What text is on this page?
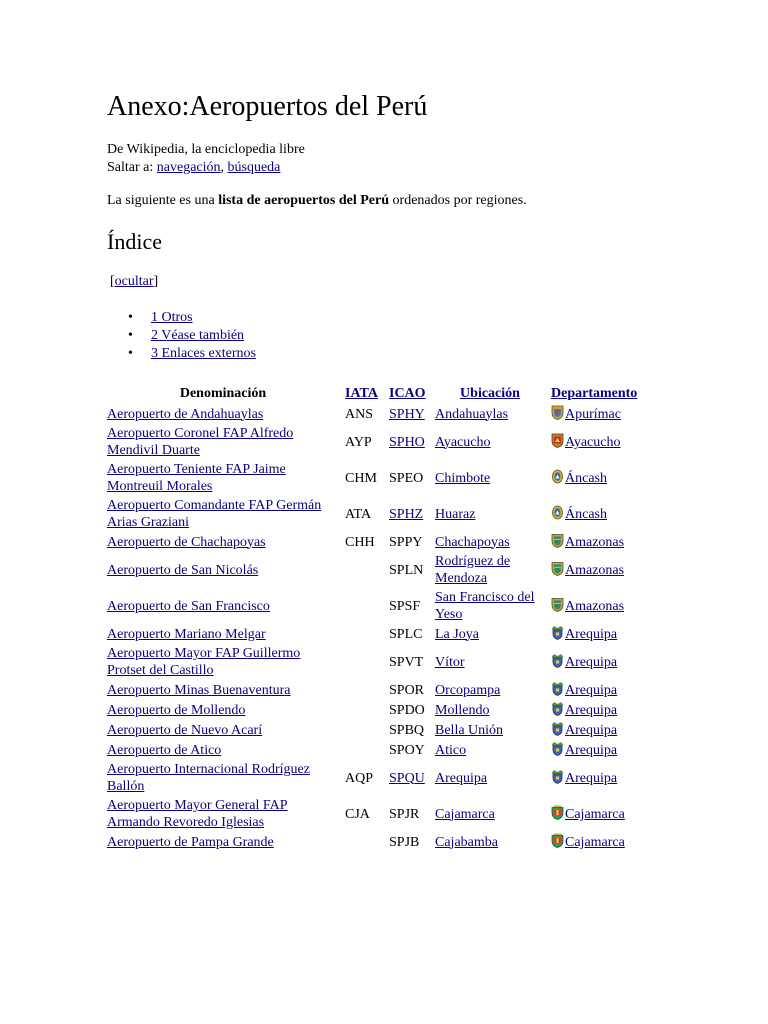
Anexo:Aeropuertos del Perú
De Wikipedia, la enciclopedia libre
Saltar a: navegación, búsqueda

La siguiente es una lista de aeropuertos del Perú ordenados por regiones.

Índice
[ocultar]
• 1 Otros
• 2 Véase también
• 3 Enlaces externos
Denominación	IATA	ICAO	Ubicación	Departamento
Aeropuerto de Andahuaylas	ANS	SPHY	Andahuaylas	Apurímac
Aeropuerto Coronel FAP Alfredo Mendivil Duarte	AYP	SPHO	Ayacucho	Ayacucho
Aeropuerto Teniente FAP Jaime Montreuil Morales	CHM	SPEO	Chimbote	Áncash
Aeropuerto Comandante FAP Germán Arias Graziani	ATA	SPHZ	Huaraz	Áncash
Aeropuerto de Chachapoyas	CHH	SPPY	Chachapoyas	Amazonas
Aeropuerto de San Nicolás		SPLN	Rodríguez de Mendoza	Amazonas
Aeropuerto de San Francisco		SPSF	San Francisco del Yeso	Amazonas
Aeropuerto Mariano Melgar		SPLC	La Joya	Arequipa
Aeropuerto Mayor FAP Guillermo Protset del Castillo		SPVT	Vítor	Arequipa
Aeropuerto Minas Buenaventura		SPOR	Orcopampa	Arequipa
Aeropuerto de Mollendo		SPDO	Mollendo	Arequipa
Aeropuerto de Nuevo Acarí		SPBQ	Bella Unión	Arequipa
Aeropuerto de Atico		SPOY	Atico	Arequipa
Aeropuerto Internacional Rodríguez Ballón	AQP	SPQU	Arequipa	Arequipa
Aeropuerto Mayor General FAP Armando Revoredo Iglesias	CJA	SPJR	Cajamarca	Cajamarca
Aeropuerto de Pampa Grande		SPJB	Cajabamba	Cajamarca
